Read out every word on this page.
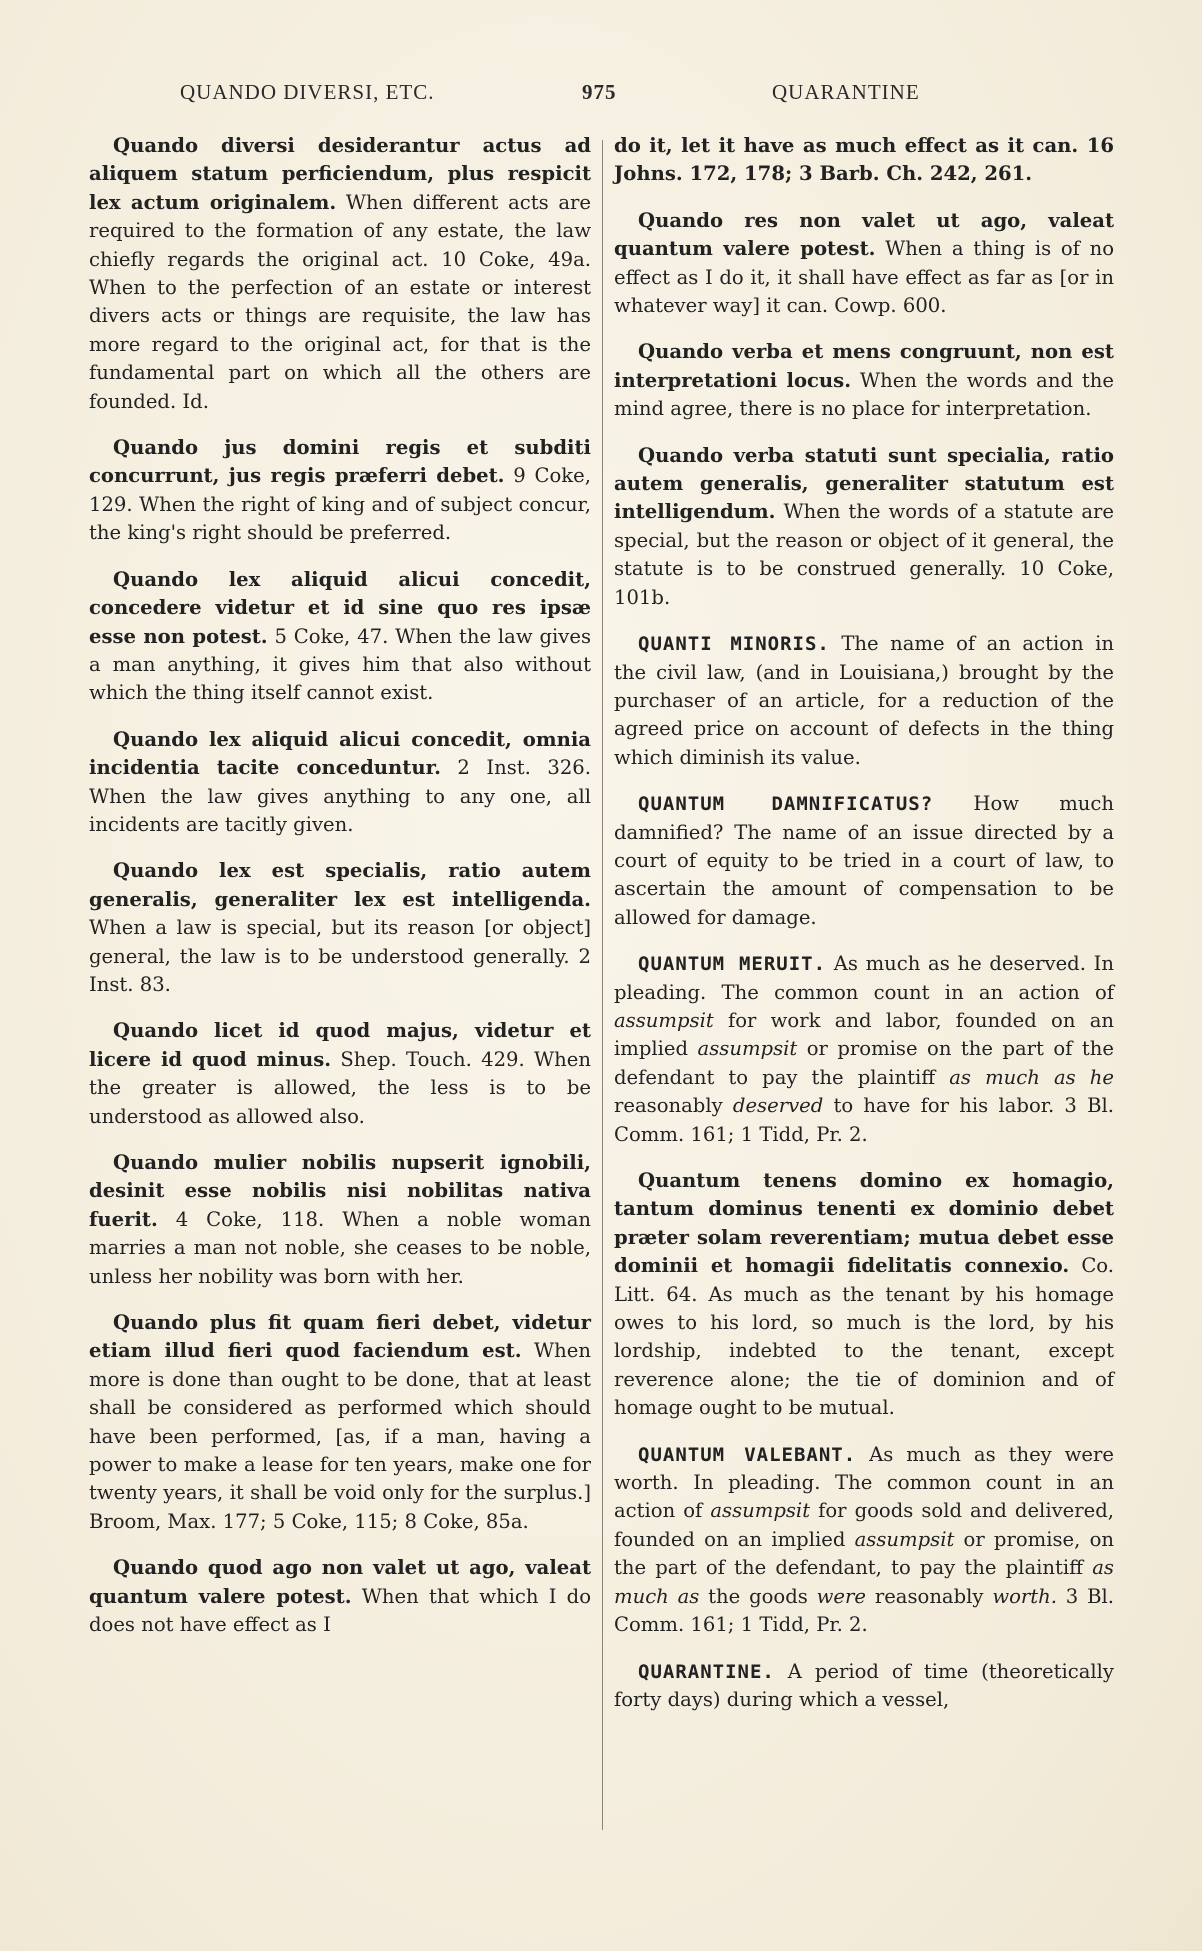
QUANDO DIVERSI, ETC.	975	QUARANTINE

Quando diversi desiderantur actus ad aliquem statum perficiendum, plus respicit lex actum originalem. When different acts are required to the formation of any estate, the law chiefly regards the original act. 10 Coke, 49a. When to the perfection of an estate or interest divers acts or things are requisite, the law has more regard to the original act, for that is the fundamental part on which all the others are founded. Id.

Quando jus domini regis et subditi concurrunt, jus regis præferri debet. 9 Coke, 129. When the right of king and of subject concur, the king's right should be preferred.

Quando lex aliquid alicui concedit, concedere videtur et id sine quo res ipsæ esse non potest. 5 Coke, 47. When the law gives a man anything, it gives him that also without which the thing itself cannot exist.

Quando lex aliquid alicui concedit, omnia incidentia tacite conceduntur. 2 Inst. 326. When the law gives anything to any one, all incidents are tacitly given.

Quando lex est specialis, ratio autem generalis, generaliter lex est intelligenda. When a law is special, but its reason [or object] general, the law is to be understood generally. 2 Inst. 83.

Quando licet id quod majus, videtur et licere id quod minus. Shep. Touch. 429. When the greater is allowed, the less is to be understood as allowed also.

Quando mulier nobilis nupserit ignobili, desinit esse nobilis nisi nobilitas nativa fuerit. 4 Coke, 118. When a noble woman marries a man not noble, she ceases to be noble, unless her nobility was born with her.

Quando plus fit quam fieri debet, videtur etiam illud fieri quod faciendum est. When more is done than ought to be done, that at least shall be considered as performed which should have been performed, [as, if a man, having a power to make a lease for ten years, make one for twenty years, it shall be void only for the surplus.] Broom, Max. 177; 5 Coke, 115; 8 Coke, 85a.

Quando quod ago non valet ut ago, valeat quantum valere potest. When that which I do does not have effect as I

do it, let it have as much effect as it can. 16 Johns. 172, 178; 3 Barb. Ch. 242, 261.

Quando res non valet ut ago, valeat quantum valere potest. When a thing is of no effect as I do it, it shall have effect as far as [or in whatever way] it can. Cowp. 600.

Quando verba et mens congruunt, non est interpretationi locus. When the words and the mind agree, there is no place for interpretation.

Quando verba statuti sunt specialia, ratio autem generalis, generaliter statutum est intelligendum. When the words of a statute are special, but the reason or object of it general, the statute is to be construed generally. 10 Coke, 101b.

QUANTI MINORIS. The name of an action in the civil law, (and in Louisiana,) brought by the purchaser of an article, for a reduction of the agreed price on account of defects in the thing which diminish its value.

QUANTUM DAMNIFICATUS? How much damnified? The name of an issue directed by a court of equity to be tried in a court of law, to ascertain the amount of compensation to be allowed for damage.

QUANTUM MERUIT. As much as he deserved. In pleading. The common count in an action of assumpsit for work and labor, founded on an implied assumpsit or promise on the part of the defendant to pay the plaintiff as much as he reasonably deserved to have for his labor. 3 Bl. Comm. 161; 1 Tidd, Pr. 2.

Quantum tenens domino ex homagio, tantum dominus tenenti ex dominio debet præter solam reverentiam; mutua debet esse dominii et homagii fidelitatis connexio. Co. Litt. 64. As much as the tenant by his homage owes to his lord, so much is the lord, by his lordship, indebted to the tenant, except reverence alone; the tie of dominion and of homage ought to be mutual.

QUANTUM VALEBANT. As much as they were worth. In pleading. The common count in an action of assumpsit for goods sold and delivered, founded on an implied assumpsit or promise, on the part of the defendant, to pay the plaintiff as much as the goods were reasonably worth. 3 Bl. Comm. 161; 1 Tidd, Pr. 2.

QUARANTINE. A period of time (theoretically forty days) during which a vessel,
